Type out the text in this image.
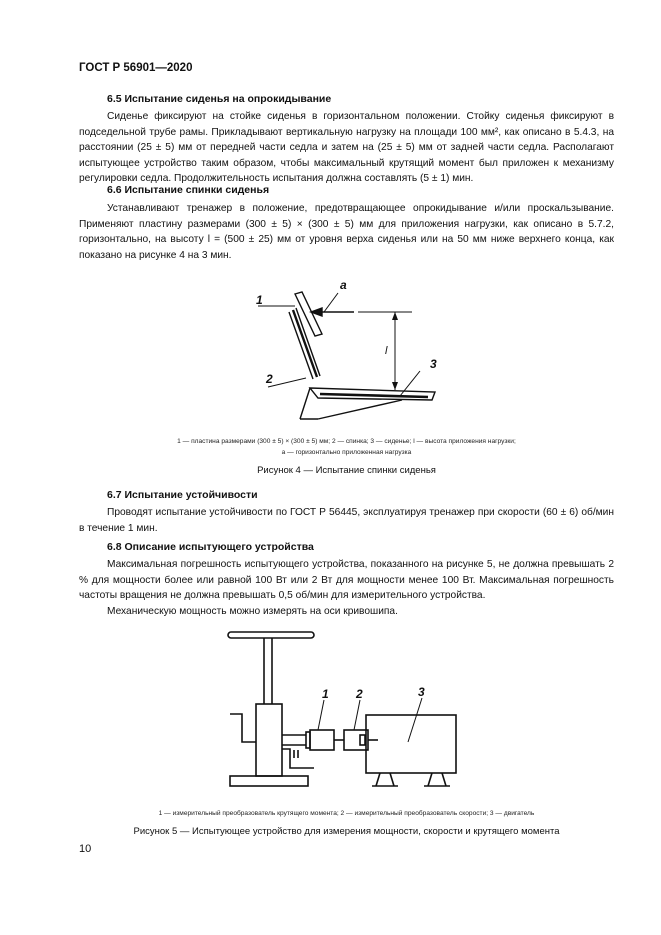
ГОСТ Р 56901—2020
6.5 Испытание сиденья на опрокидывание

Сиденье фиксируют на стойке сиденья в горизонтальном положении. Стойку сиденья фиксируют в подседельной трубе рамы. Прикладывают вертикальную нагрузку на площади 100 мм², как описано в 5.4.3, на расстоянии (25 ± 5) мм от передней части седла и затем на (25 ± 5) мм от задней части седла. Располагают испытующее устройство таким образом, чтобы максимальный крутящий момент был приложен к механизму регулировки седла. Продолжительность испытания должна составлять (5 ± 1) мин.

6.6 Испытание спинки сиденья

Устанавливают тренажер в положение, предотвращающее опрокидывание и/или проскальзывание. Применяют пластину размерами (300 ± 5) × (300 ± 5) мм для приложения нагрузки, как описано в 5.7.2, горизонтально, на высоту l = (500 ± 25) мм от уровня верха сиденья или на 50 мм ниже верхнего конца, как показано на рисунке 4 на 3 мин.

1
2
3
a
l
1 — пластина размерами (300 ± 5) × (300 ± 5) мм; 2 — спинка; 3 — сиденье; l — высота приложения нагрузки;
a — горизонтально приложенная нагрузка
Рисунок 4 — Испытание спинки сиденья
6.7 Испытание устойчивости

Проводят испытание устойчивости по ГОСТ Р 56445, эксплуатируя тренажер при скорости (60 ± 6) об/мин в течение 1 мин.

6.8 Описание испытующего устройства

Максимальная погрешность испытующего устройства, показанного на рисунке 5, не должна превышать 2 % для мощности более или равной 100 Вт или 2 Вт для мощности менее 100 Вт. Максимальная погрешность частоты вращения не должна превышать 0,5 об/мин для измерительного устройства.

Механическую мощность можно измерять на оси кривошипа.

1 2	3
1 — измерительный преобразователь крутящего момента; 2 — измерительный преобразователь скорости; 3 — двигатель
Рисунок 5 — Испытующее устройство для измерения мощности, скорости и крутящего момента
10
